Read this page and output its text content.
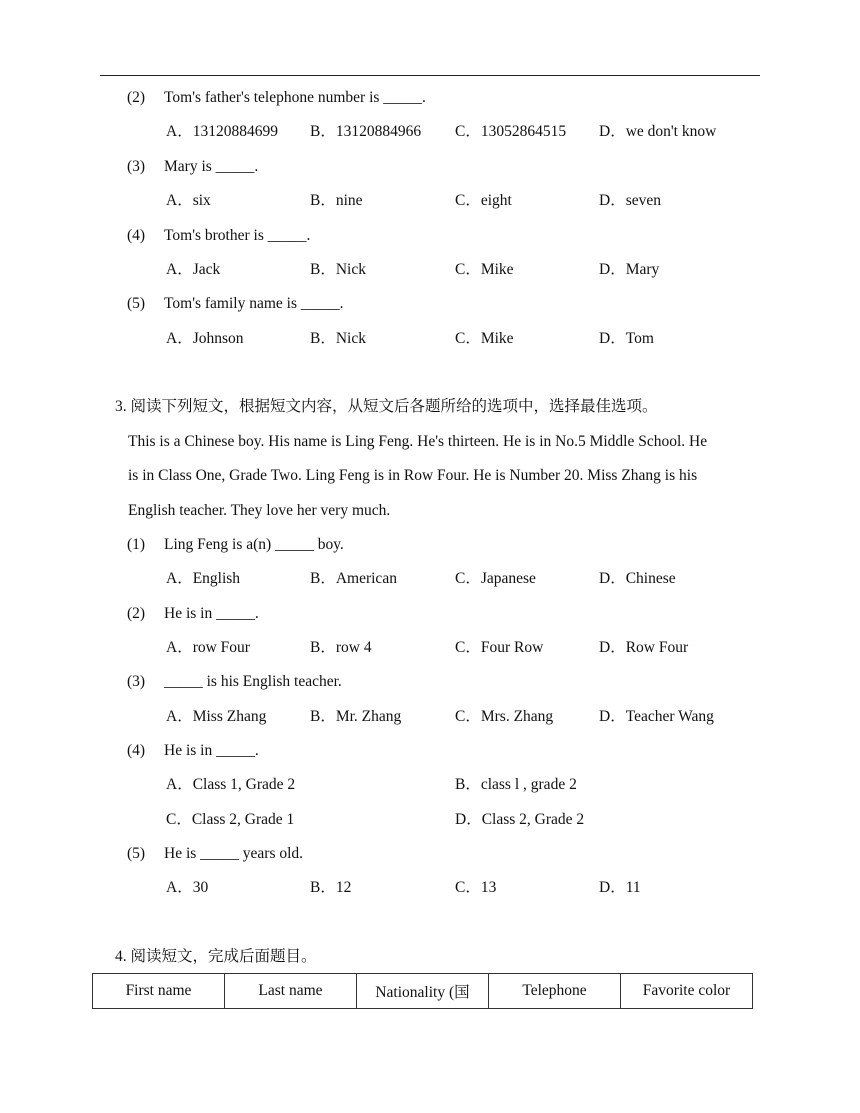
(2) Tom's father's telephone number is _____.
A．13120884699 B．13120884966 C．13052864515 D．we don't know
(3) Mary is _____.
A．six	B．nine	C．eight	D．seven
(4) Tom's brother is _____.
A．Jack	B．Nick	C．Mike	D．Mary
(5) Tom's family name is _____.
A．Johnson	B．Nick	C．Mike	D．Tom
3. 阅读下列短文，根据短文内容，从短文后各题所给的选项中，选择最佳选项。
This is a Chinese boy. His name is Ling Feng. He's thirteen. He is in No.5 Middle School. He
is in Class One, Grade Two. Ling Feng is in Row Four. He is Number 20. Miss Zhang is his
English teacher. They love her very much.
(1) Ling Feng is a(n) _____ boy.
A．English	B．American	C．Japanese	D．Chinese
(2) He is in _____.
A．row Four	B．row 4	C．Four Row	D．Row Four
(3) _____ is his English teacher.
A．Miss Zhang	B．Mr. Zhang	C．Mrs. Zhang	D．Teacher Wang
(4) He is in _____.
A．Class 1, Grade 2	B．class l , grade 2
C．Class 2, Grade 1	D．Class 2, Grade 2
(5) He is _____ years old.
A．30	B．12	C．13	D．11
4. 阅读短文，完成后面题目。
First name	Last name	Nationality (国	Telephone	Favorite color
